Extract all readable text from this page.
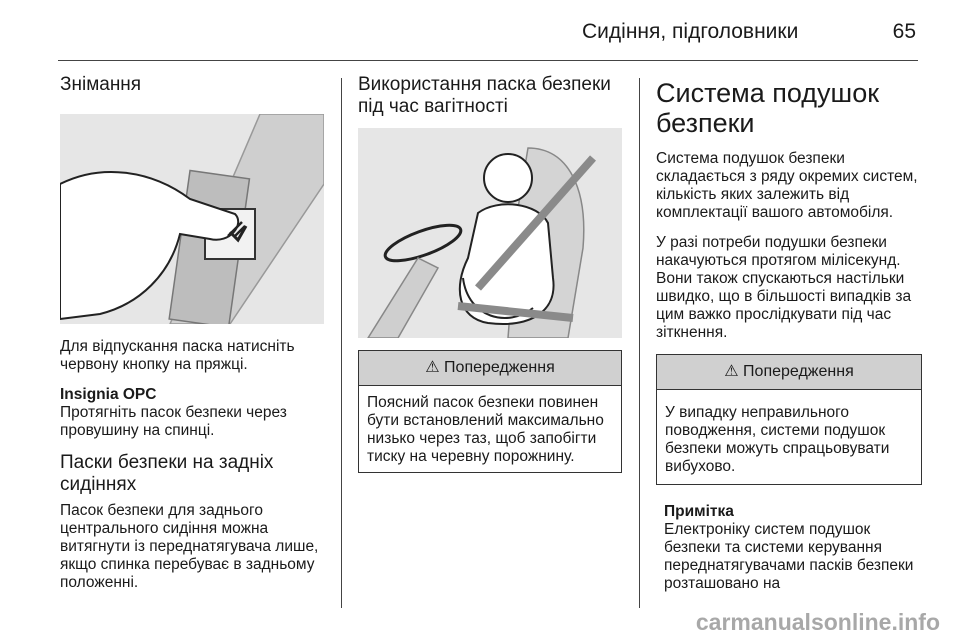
Сидіння, підголовники	65
Знімання

Для відпускання паска натисніть червону кнопку на пряжці.

Insignia OPC
Протягніть пасок безпеки через провушину на спинці.

Паски безпеки на задніх сидіннях

Пасок безпеки для заднього центрального сидіння можна витягнути із переднатягувача лише, якщо спинка перебуває в задньому положенні.

Використання паска безпеки під час вагітності
⚠ Попередження
Поясний пасок безпеки повинен бути встановлений максимально низько через таз, щоб запобігти тиску на черевну порожнину.
Система подушок безпеки

Система подушок безпеки складається з ряду окремих систем, кількість яких залежить від комплектації вашого автомобіля.

У разі потреби подушки безпеки накачуються протягом мілісекунд. Вони також спускаються настільки швидко, що в більшості випадків за цим важко прослідкувати під час зіткнення.

⚠ Попередження
У випадку неправильного поводження, системи подушок безпеки можуть спрацьовувати вибухово.
Примітка
Електроніку систем подушок безпеки та системи керування переднатягувачами пасків безпеки розташовано на
carmanualsonline.info
